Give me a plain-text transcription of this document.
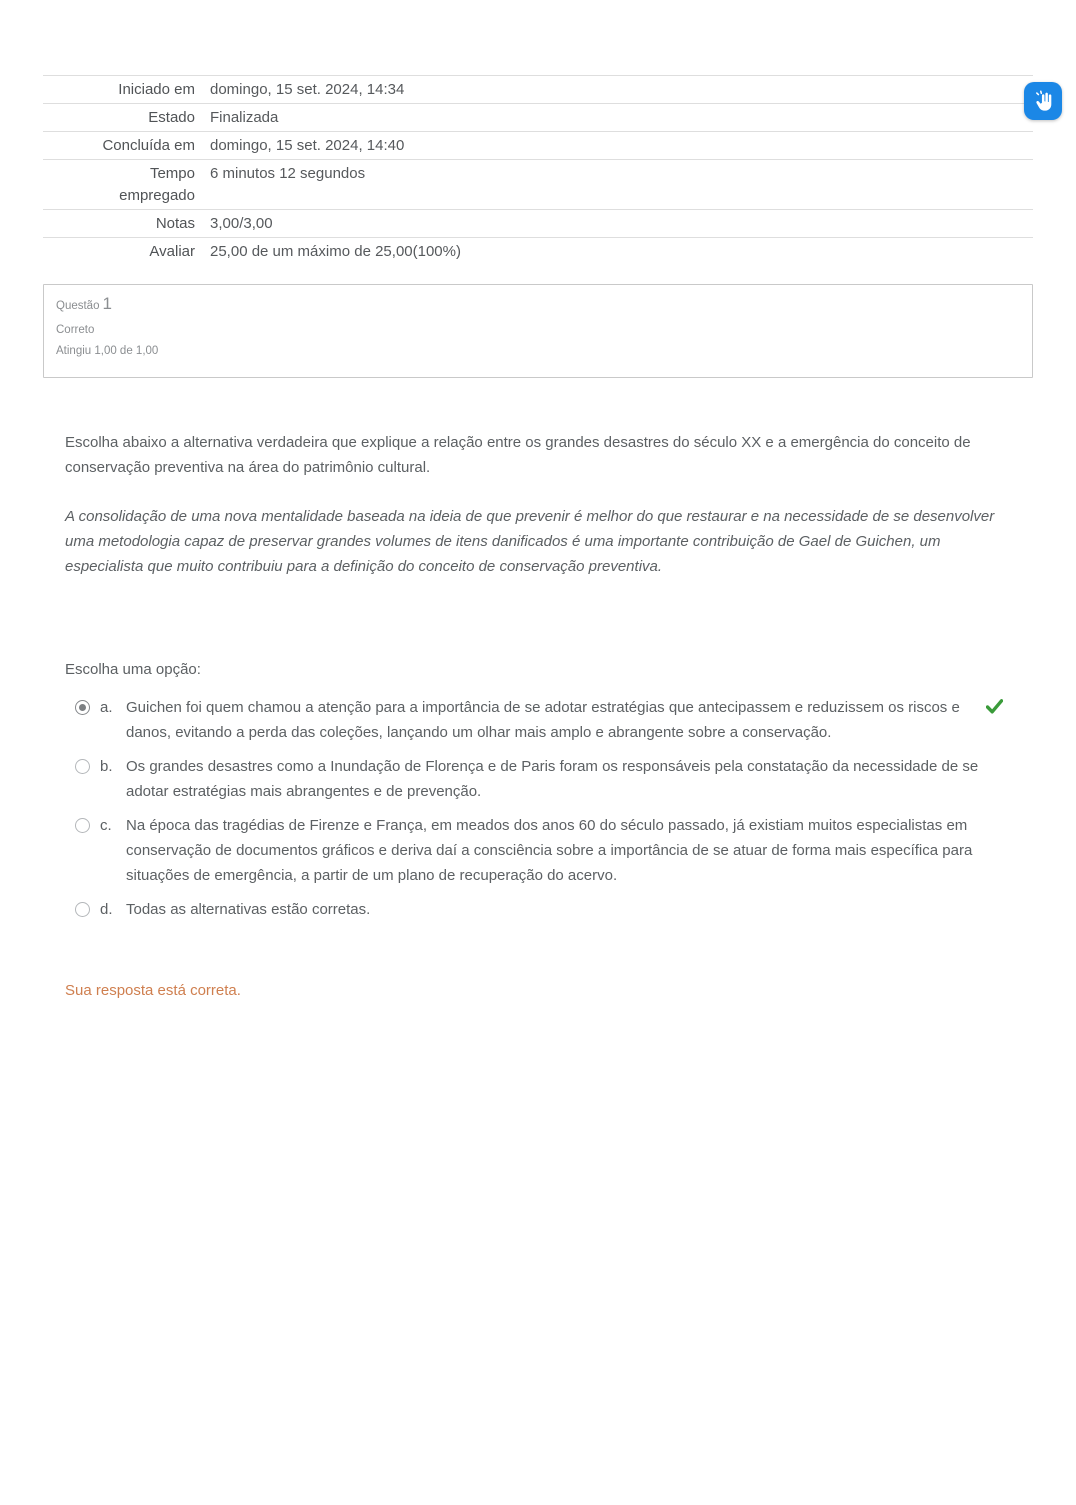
Iniciado em	domingo, 15 set. 2024, 14:34
Estado	Finalizada
Concluída em	domingo, 15 set. 2024, 14:40
Tempo empregado	6 minutos 12 segundos
Notas	3,00/3,00
Avaliar	25,00 de um máximo de 25,00(100%)
Questão 1
Correto
Atingiu 1,00 de 1,00

Escolha abaixo a alternativa verdadeira que explique a relação entre os grandes desastres do século XX e a emergência do conceito de conservação preventiva na área do patrimônio cultural.

A consolidação de uma nova mentalidade baseada na ideia de que prevenir é melhor do que restaurar e na necessidade de se desenvolver uma metodologia capaz de preservar grandes volumes de itens danificados é uma importante contribuição de Gael de Guichen, um especialista que muito contribuiu para a definição do conceito de conservação preventiva.

Escolha uma opção:

a. Guichen foi quem chamou a atenção para a importância de se adotar estratégias que antecipassem e reduzissem os riscos e danos, evitando a perda das coleções, lançando um olhar mais amplo e abrangente sobre a conservação.
b. Os grandes desastres como a Inundação de Florença e de Paris foram os responsáveis pela constatação da necessidade de se adotar estratégias mais abrangentes e de prevenção.
c. Na época das tragédias de Firenze e França, em meados dos anos 60 do século passado, já existiam muitos especialistas em conservação de documentos gráficos e deriva daí a consciência sobre a importância de se atuar de forma mais específica para situações de emergência, a partir de um plano de recuperação do acervo.
d. Todas as alternativas estão corretas.

Sua resposta está correta.
